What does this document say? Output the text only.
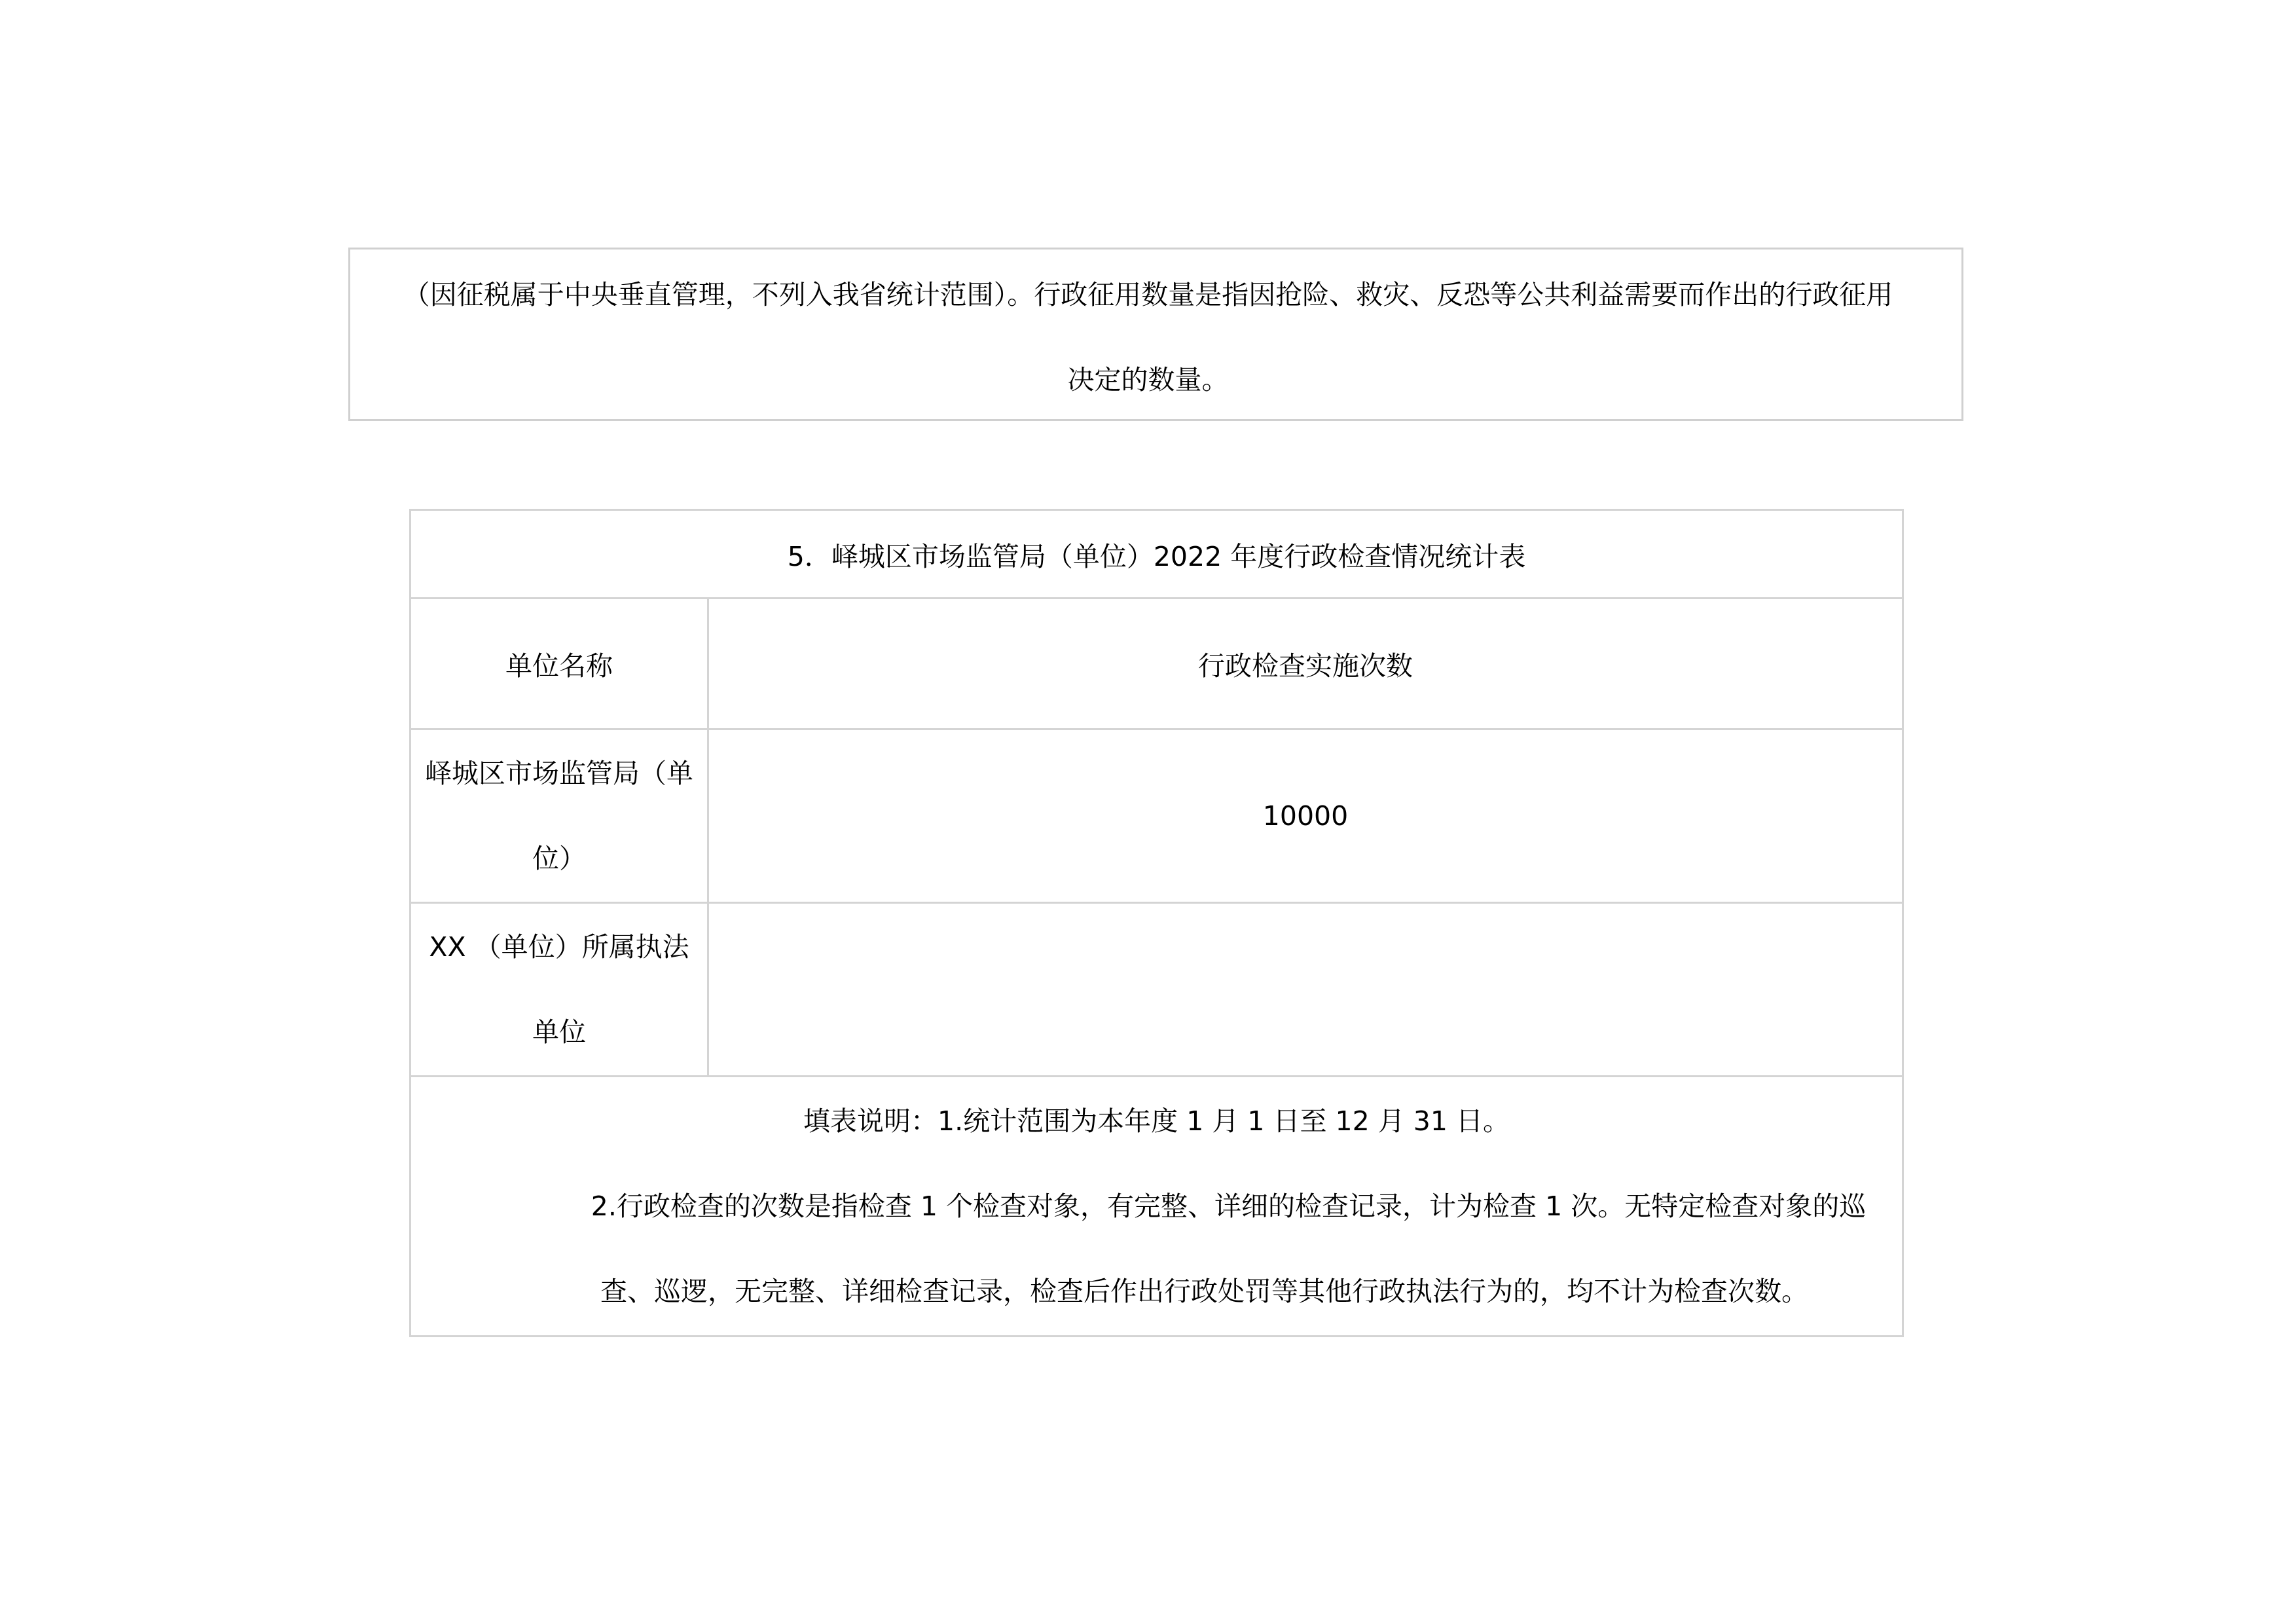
（因征税属于中央垂直管理，不列入我省统计范围）。行政征用数量是指因抢险、救灾、反恐等公共利益需要而作出的行政征用
决定的数量。
5．峄城区市场监管局（单位）2022 年度行政检查情况统计表	
单位名称	行政检查实施次数

峄城区市场监管局（单
位）	10000

XX （单位）所属执法
单位	

填表说明：1.统计范围为本年度 1 月 1 日至 12 月 31 日。
2.行政检查的次数是指检查 1 个检查对象，有完整、详细的检查记录，计为检查 1 次。无特定检查对象的巡
查、巡逻，无完整、详细检查记录，检查后作出行政处罚等其他行政执法行为的，均不计为检查次数。	
